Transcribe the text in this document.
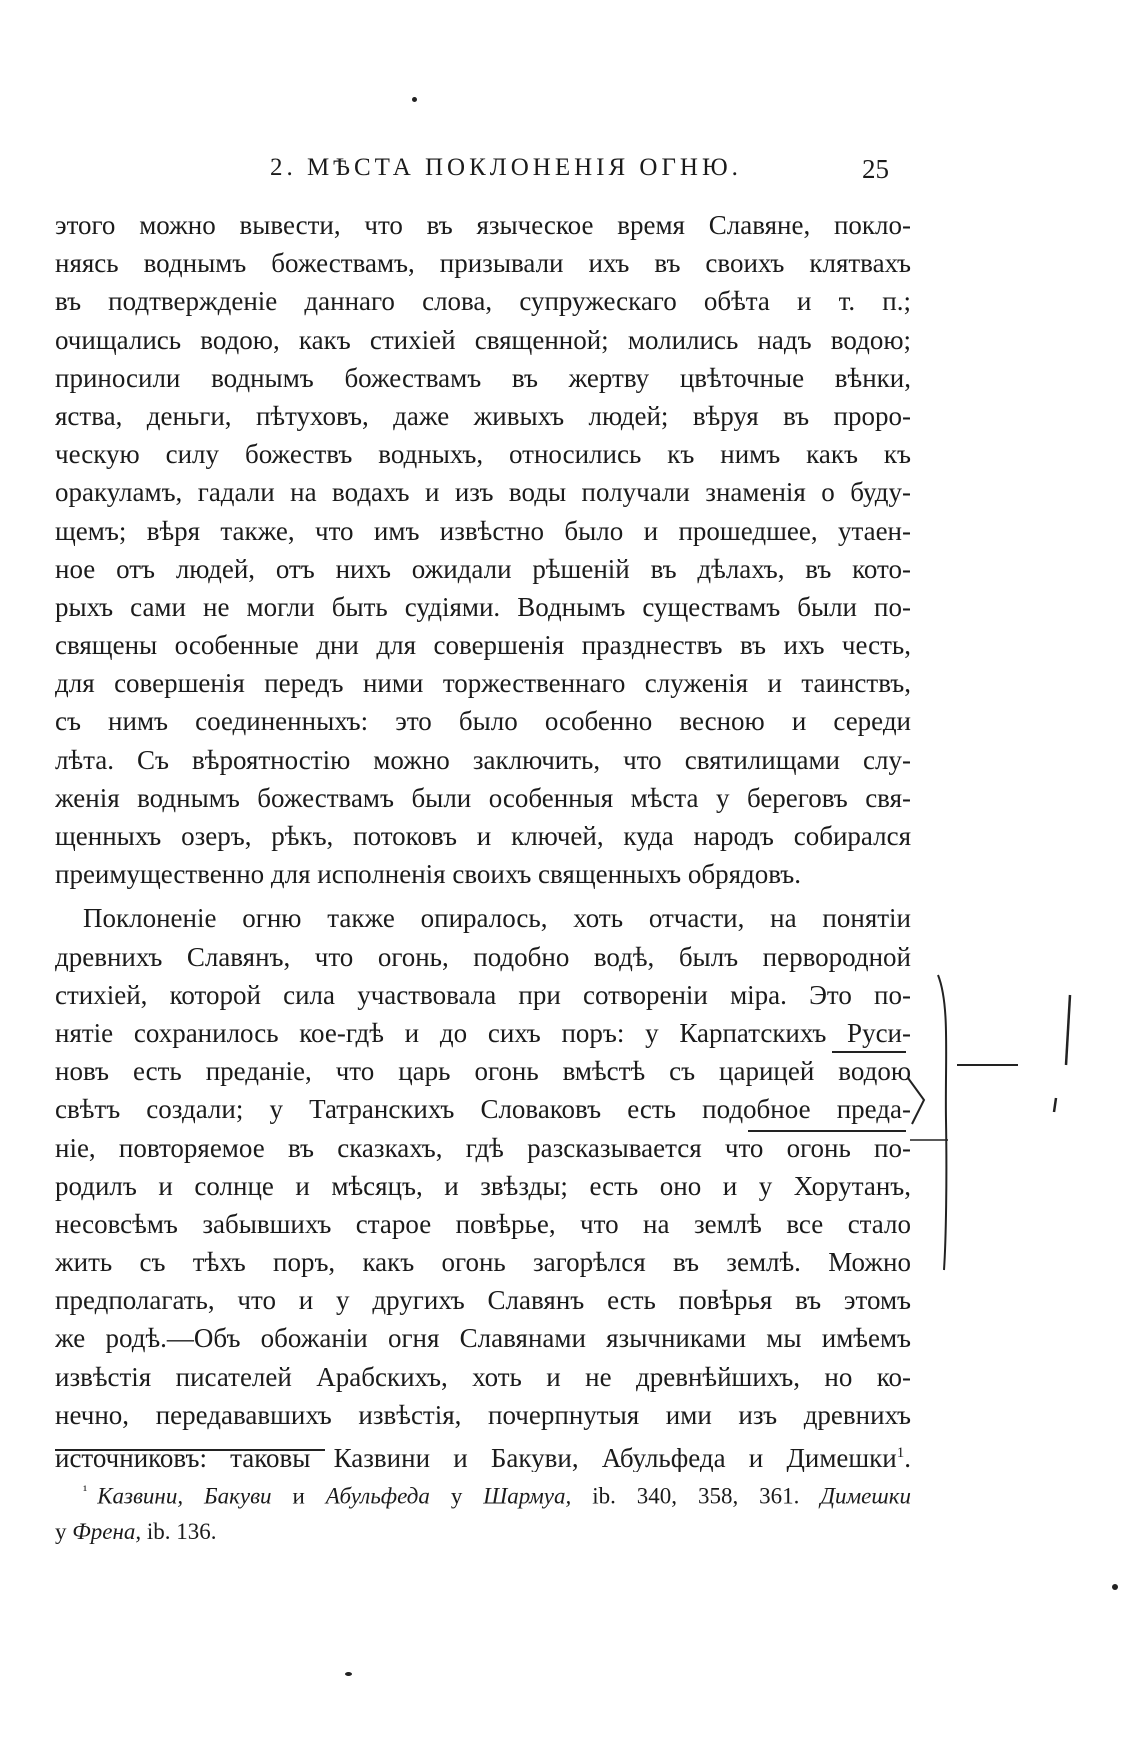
2. МѢСТА ПОКЛОНЕНІЯ ОГНЮ.	25
этого можно вывести, что въ языческое время Славяне, покло-
няясь воднымъ божествамъ, призывали ихъ въ своихъ клятвахъ
въ подтвержденіе даннаго слова, супружескаго обѣта и т. п.;
очищались водою, какъ стихіей священной; молились надъ водою;
приносили воднымъ божествамъ въ жертву цвѣточные вѣнки,
яства, деньги, пѣтуховъ, даже живыхъ людей; вѣруя въ проро-
ческую силу божествъ водныхъ, относились къ нимъ какъ къ
оракуламъ, гадали на водахъ и изъ воды получали знаменія о буду-
щемъ; вѣря также, что имъ извѣстно было и прошедшее, утаен-
ное отъ людей, отъ нихъ ожидали рѣшеній въ дѣлахъ, въ кото-
рыхъ сами не могли быть судіями. Воднымъ существамъ были по-
священы особенные дни для совершенія празднествъ въ ихъ честь,
для совершенія передъ ними торжественнаго служенія и таинствъ,
съ нимъ соединенныхъ: это было особенно весною и середи
лѣта. Съ вѣроятностію можно заключить, что святилищами слу-
женія воднымъ божествамъ были особенныя мѣста у береговъ свя-
щенныхъ озеръ, рѣкъ, потоковъ и ключей, куда народъ собирался
преимущественно для исполненія своихъ священныхъ обрядовъ.
Поклоненіе огню также опиралось, хоть отчасти, на понятіи
древнихъ Славянъ, что огонь, подобно водѣ, былъ первородной
стихіей, которой сила участвовала при сотвореніи міра. Это по-
нятіе сохранилось кое-гдѣ и до сихъ поръ: у Карпатскихъ Руси-
новъ есть преданіе, что царь огонь вмѣстѣ съ царицей водою
свѣтъ создали; у Татранскихъ Словаковъ есть подобное преда-
ніе, повторяемое въ сказкахъ, гдѣ разсказывается что огонь по-
родилъ и солнце и мѣсяцъ, и звѣзды; есть оно и у Хорутанъ,
несовсѣмъ забывшихъ старое повѣрье, что на землѣ все стало
жить съ тѣхъ поръ, какъ огонь загорѣлся въ землѣ. Можно
предполагать, что и у другихъ Славянъ есть повѣрья въ этомъ
же родѣ.—Объ обожаніи огня Славянами язычниками мы имѣемъ
извѣстія писателей Арабскихъ, хоть и не древнѣйшихъ, но ко-
нечно, передававшихъ извѣстія, почерпнутыя ими изъ древнихъ
источниковъ: таковы Казвини и Бакуви, Абульфеда и Димешки$^1$.
$^{^1}$ Казвини, Бакуви и Абульфеда у Шармуа, ib. 340, 358, 361. Димешки
у Френа, ib. 136.
